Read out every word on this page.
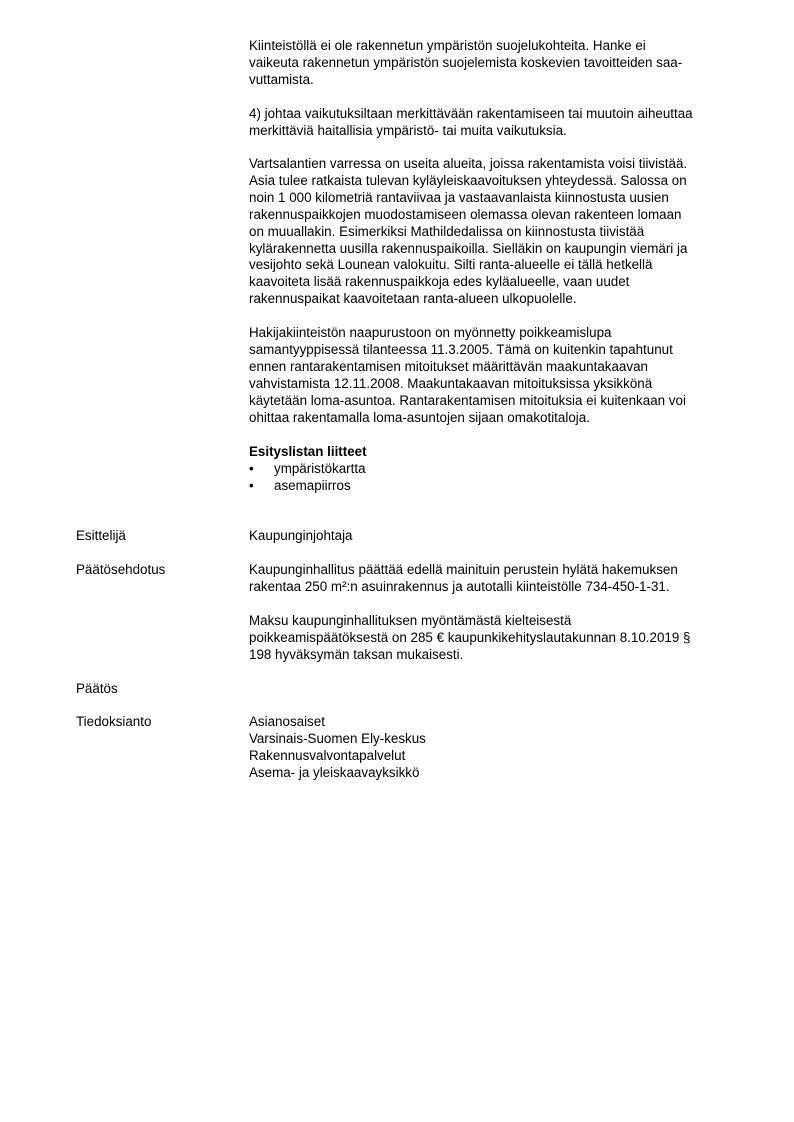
Kiinteistöllä ei ole rakennetun ympäristön suojelukohteita. Hanke ei
vaikeuta rakennetun ympäristön suojelemista koskevien tavoitteiden saa-
vuttamista.

4) johtaa vaikutuksiltaan merkittävään rakentamiseen tai muutoin aiheuttaa
merkittäviä haitallisia ympäristö- tai muita vaikutuksia.

Vartsalantien varressa on useita alueita, joissa rakentamista voisi tiivistää.
Asia tulee ratkaista tulevan kyläyleiskaavoituksen yhteydessä. Salossa on
noin 1 000 kilometriä rantaviivaa ja vastaavanlaista kiinnostusta uusien
rakennuspaikkojen muodostamiseen olemassa olevan rakenteen lomaan
on muuallakin. Esimerkiksi Mathildedalissa on kiinnostusta tiivistää
kylärakennetta uusilla rakennuspaikoilla. Sielläkin on kaupungin viemäri ja
vesijohto sekä Lounean valokuitu. Silti ranta-alueelle ei tällä hetkellä
kaavoiteta lisää rakennuspaikkoja edes kyläalueelle, vaan uudet
rakennuspaikat kaavoitetaan ranta-alueen ulkopuolelle.

Hakijakiinteistön naapurustoon on myönnetty poikkeamislupa
samantyyppisessä tilanteessa 11.3.2005. Tämä on kuitenkin tapahtunut
ennen rantarakentamisen mitoitukset määrittävän maakuntakaavan
vahvistamista 12.11.2008. Maakuntakaavan mitoituksissa yksikkönä
käytetään loma-asuntoa. Rantarakentamisen mitoituksia ei kuitenkaan voi
ohittaa rakentamalla loma-asuntojen sijaan omakotitaloja.

Esityslistan liitteet

• ympäristökartta
• asemapiirros

Esittelijä	Kaupunginjohtaja

Päätösehdotus	Kaupunginhallitus päättää edellä mainituin perustein hylätä hakemuksen
rakentaa 250 m²:n asuinrakennus ja autotalli kiinteistölle 734-450-1-31.

Maksu kaupunginhallituksen myöntämästä kielteisestä
poikkeamispäätöksestä on 285 € kaupunkikehityslautakunnan 8.10.2019 §
198 hyväksymän taksan mukaisesti.

Päätös

Tiedoksianto	Asianosaiset
Varsinais-Suomen Ely-keskus
Rakennusvalvontapalvelut
Asema- ja yleiskaavayksikkö
